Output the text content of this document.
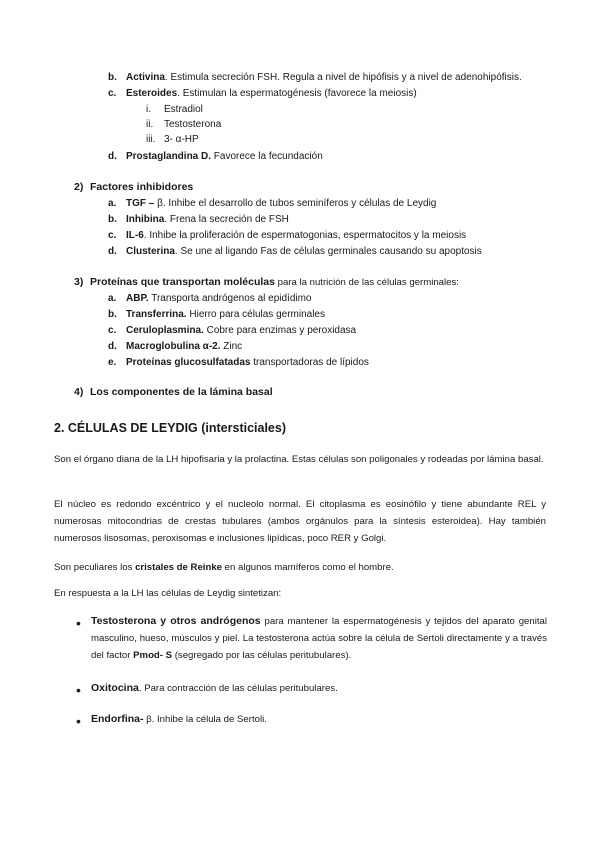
b. Activina. Estimula secreción FSH. Regula a nivel de hipófisis y a nivel de adenohipófisis.
c. Esteroides. Estimulan la espermatogénesis (favorece la meiosis)
i. Estradiol
ii. Testosterona
iii. 3- α-HP
d. Prostaglandina D. Favorece la fecundación
2) Factores inhibidores
a. TGF – β. Inhibe el desarrollo de tubos seminíferos y células de Leydig
b. Inhibina. Frena la secreción de FSH
c. IL-6. Inhibe la proliferación de espermatogonias, espermatocitos y la meiosis
d. Clusterina. Se une al ligando Fas de células germinales causando su apoptosis
3) Proteínas que transportan moléculas para la nutrición de las células germinales:
a. ABP. Transporta andrógenos al epidídimo
b. Transferrina. Hierro para células germinales
c. Ceruloplasmina. Cobre para enzimas y peroxidasa
d. Macroglobulina α-2. Zinc
e. Proteínas glucosulfatadas transportadoras de lípidos
4) Los componentes de la lámina basal
2. CÉLULAS DE LEYDIG (intersticiales)
Son el órgano diana de la LH hipofisaria y la prolactina. Estas células son poligonales y rodeadas por lámina basal.
El núcleo es redondo excéntrico y el nucleolo normal. El citoplasma es eosinófilo y tiene abundante REL y numerosas mitocondrias de crestas tubulares (ambos orgánulos para la síntesis esteroidea). Hay también numerosos lisosomas, peroxisomas e inclusiones lipídicas, poco RER y Golgi.
Son peculiares los cristales de Reinke en algunos mamíferos como el hombre.
En respuesta a la LH las células de Leydig sintetizan:
• Testosterona y otros andrógenos para mantener la espermatogénesis y tejidos del aparato genital masculino, hueso, músculos y piel. La testosterona actúa sobre la célula de Sertoli directamente y a través del factor Pmod- S (segregado por las células peritubulares).
• Oxitocina. Para contracción de las células peritubulares.
• Endorfina- β. Inhibe la célula de Sertoli.
